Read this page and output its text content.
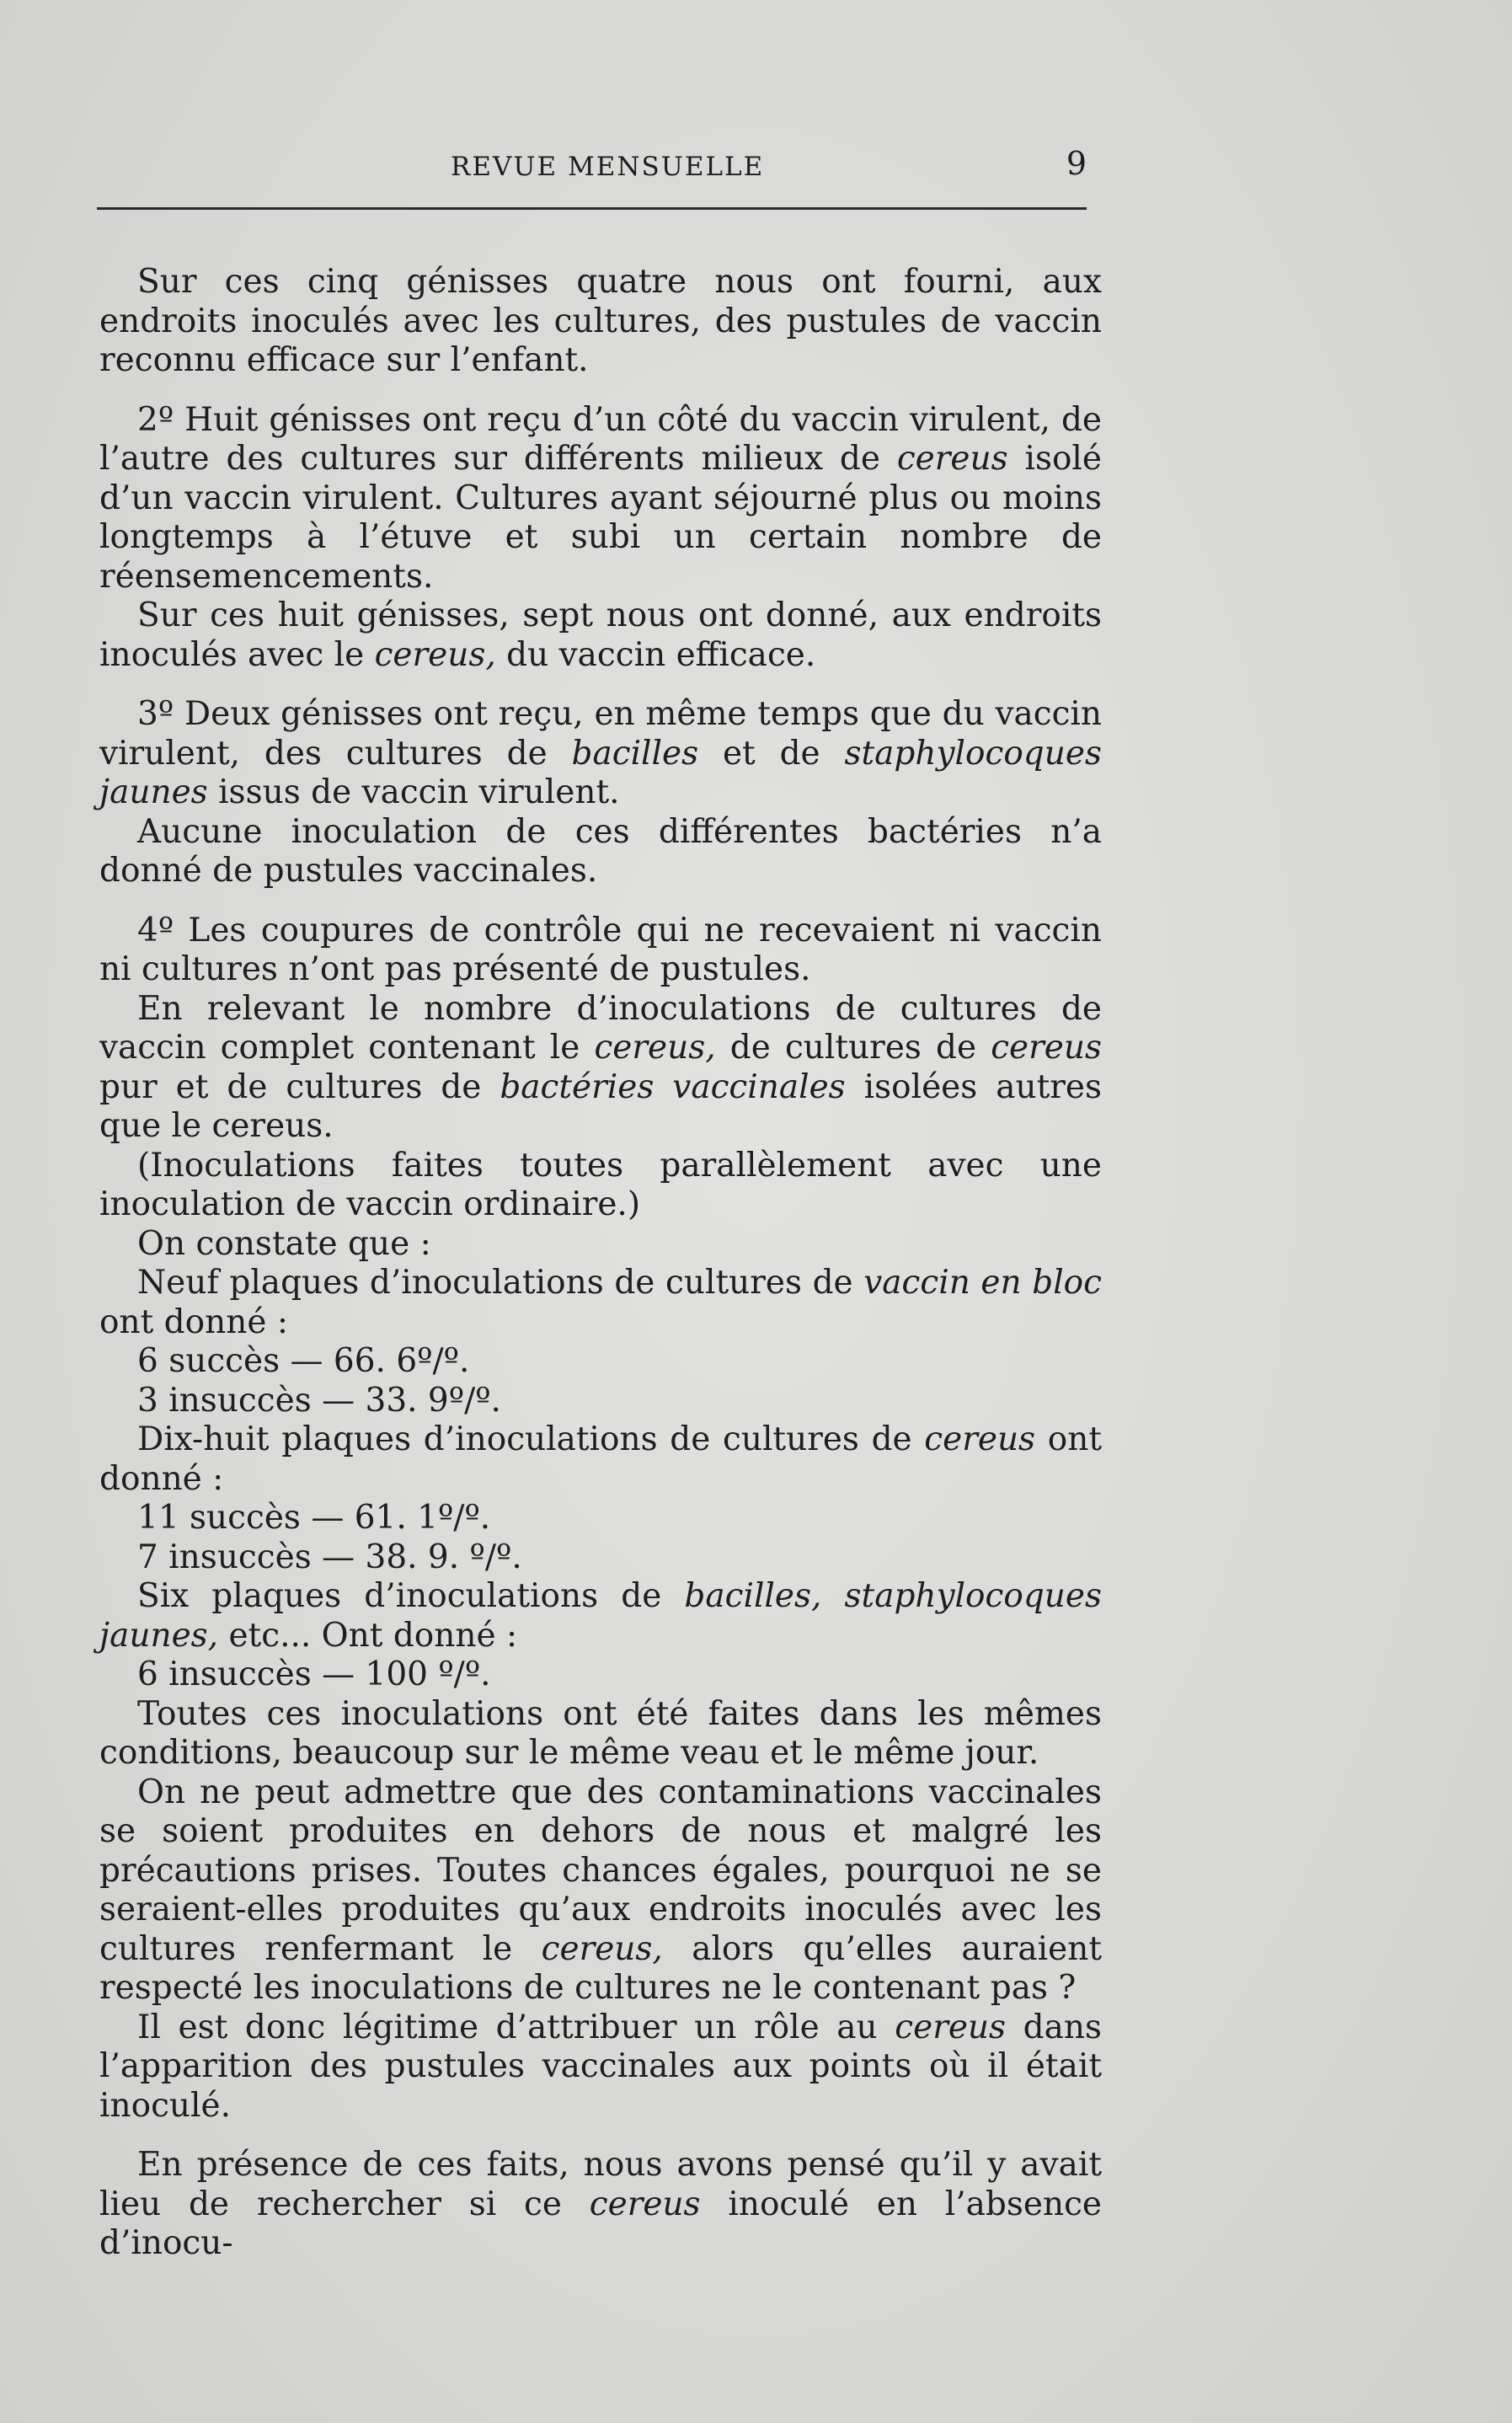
REVUE MENSUELLE	9

Sur ces cinq génisses quatre nous ont fourni, aux endroits inoculés avec les cultures, des pustules de vaccin reconnu efficace sur l’enfant.

2º Huit génisses ont reçu d’un côté du vaccin virulent, de l’autre des cultures sur différents milieux de cereus isolé d’un vaccin virulent. Cultures ayant séjourné plus ou moins longtemps à l’étuve et subi un certain nombre de réensemencements.

Sur ces huit génisses, sept nous ont donné, aux endroits inoculés avec le cereus, du vaccin efficace.

3º Deux génisses ont reçu, en même temps que du vaccin virulent, des cultures de bacilles et de staphylocoques jaunes issus de vaccin virulent.

Aucune inoculation de ces différentes bactéries n’a donné de pustules vaccinales.

4º Les coupures de contrôle qui ne recevaient ni vaccin ni cultures n’ont pas présenté de pustules.

En relevant le nombre d’inoculations de cultures de vaccin complet contenant le cereus, de cultures de cereus pur et de cultures de bactéries vaccinales isolées autres que le cereus.

(Inoculations faites toutes parallèlement avec une inoculation de vaccin ordinaire.)

On constate que :

Neuf plaques d’inoculations de cultures de vaccin en bloc ont donné :

6 succès — 66. 6º/º.

3 insuccès — 33. 9º/º.

Dix-huit plaques d’inoculations de cultures de cereus ont donné :

11 succès — 61. 1º/º.

7 insuccès — 38. 9. º/º.

Six plaques d’inoculations de bacilles, staphylocoques jaunes, etc... Ont donné :

6 insuccès — 100 º/º.

Toutes ces inoculations ont été faites dans les mêmes conditions, beaucoup sur le même veau et le même jour.

On ne peut admettre que des contaminations vaccinales se soient produites en dehors de nous et malgré les précautions prises. Toutes chances égales, pourquoi ne se seraient-elles produites qu’aux endroits inoculés avec les cultures renfermant le cereus, alors qu’elles auraient respecté les inoculations de cultures ne le contenant pas ?

Il est donc légitime d’attribuer un rôle au cereus dans l’apparition des pustules vaccinales aux points où il était inoculé.

En présence de ces faits, nous avons pensé qu’il y avait lieu de rechercher si ce cereus inoculé en l’absence d’inocu-
